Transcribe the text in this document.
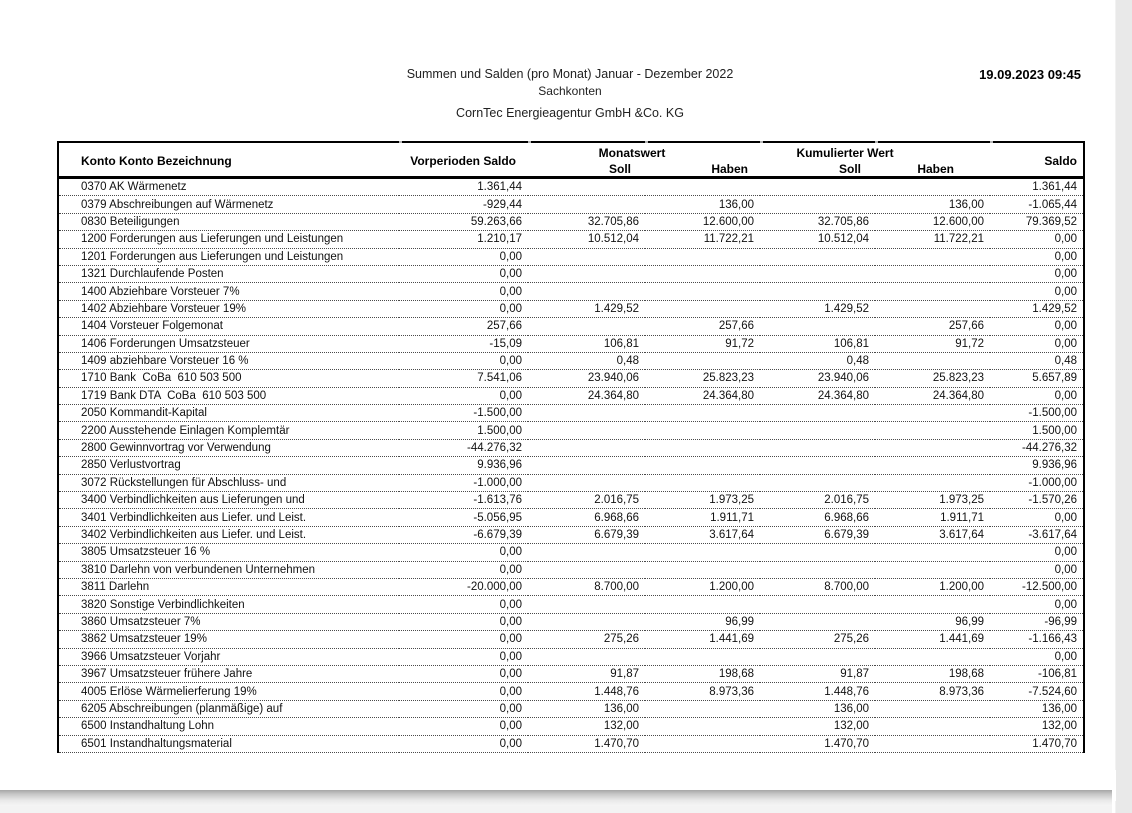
Summen und Salden (pro Monat) Januar - Dezember 2022
Sachkonten
CornTec Energieagentur GmbH &Co. KG
19.09.2023 09:45
Konto Konto Bezeichnung	Vorperioden Saldo	Monatswert		Kumulierter Wert		Saldo
		Soll	Haben	Soll	Haben	
0370 AK Wärmenetz	1.361,44					1.361,44
0379 Abschreibungen auf Wärmenetz	-929,44		136,00		136,00	-1.065,44
0830 Beteiligungen	59.263,66	32.705,86	12.600,00	32.705,86	12.600,00	79.369,52
1200 Forderungen aus Lieferungen und Leistungen	1.210,17	10.512,04	11.722,21	10.512,04	11.722,21	0,00
1201 Forderungen aus Lieferungen und Leistungen	0,00					0,00
1321 Durchlaufende Posten	0,00					0,00
1400 Abziehbare Vorsteuer 7%	0,00					0,00
1402 Abziehbare Vorsteuer 19%	0,00	1.429,52		1.429,52		1.429,52
1404 Vorsteuer Folgemonat	257,66		257,66		257,66	0,00
1406 Forderungen Umsatzsteuer	-15,09	106,81	91,72	106,81	91,72	0,00
1409 abziehbare Vorsteuer 16 %	0,00	0,48		0,48		0,48
1710 Bank  CoBa  610 503 500	7.541,06	23.940,06	25.823,23	23.940,06	25.823,23	5.657,89
1719 Bank DTA  CoBa  610 503 500	0,00	24.364,80	24.364,80	24.364,80	24.364,80	0,00
2050 Kommandit-Kapital	-1.500,00					-1.500,00
2200 Ausstehende Einlagen Komplemtär	1.500,00					1.500,00
2800 Gewinnvortrag vor Verwendung	-44.276,32					-44.276,32
2850 Verlustvortrag	9.936,96					9.936,96
3072 Rückstellungen für Abschluss- und	-1.000,00					-1.000,00
3400 Verbindlichkeiten aus Lieferungen und	-1.613,76	2.016,75	1.973,25	2.016,75	1.973,25	-1.570,26
3401 Verbindlichkeiten aus Liefer. und Leist.	-5.056,95	6.968,66	1.911,71	6.968,66	1.911,71	0,00
3402 Verbindlichkeiten aus Liefer. und Leist.	-6.679,39	6.679,39	3.617,64	6.679,39	3.617,64	-3.617,64
3805 Umsatzsteuer 16 %	0,00					0,00
3810 Darlehn von verbundenen Unternehmen	0,00					0,00
3811 Darlehn	-20.000,00	8.700,00	1.200,00	8.700,00	1.200,00	-12.500,00
3820 Sonstige Verbindlichkeiten	0,00					0,00
3860 Umsatzsteuer 7%	0,00		96,99		96,99	-96,99
3862 Umsatzsteuer 19%	0,00	275,26	1.441,69	275,26	1.441,69	-1.166,43
3966 Umsatzsteuer Vorjahr	0,00					0,00
3967 Umsatzsteuer frühere Jahre	0,00	91,87	198,68	91,87	198,68	-106,81
4005 Erlöse Wärmelierferung 19%	0,00	1.448,76	8.973,36	1.448,76	8.973,36	-7.524,60
6205 Abschreibungen (planmäßige) auf	0,00	136,00		136,00		136,00
6500 Instandhaltung Lohn	0,00	132,00		132,00		132,00
6501 Instandhaltungsmaterial	0,00	1.470,70		1.470,70		1.470,70
